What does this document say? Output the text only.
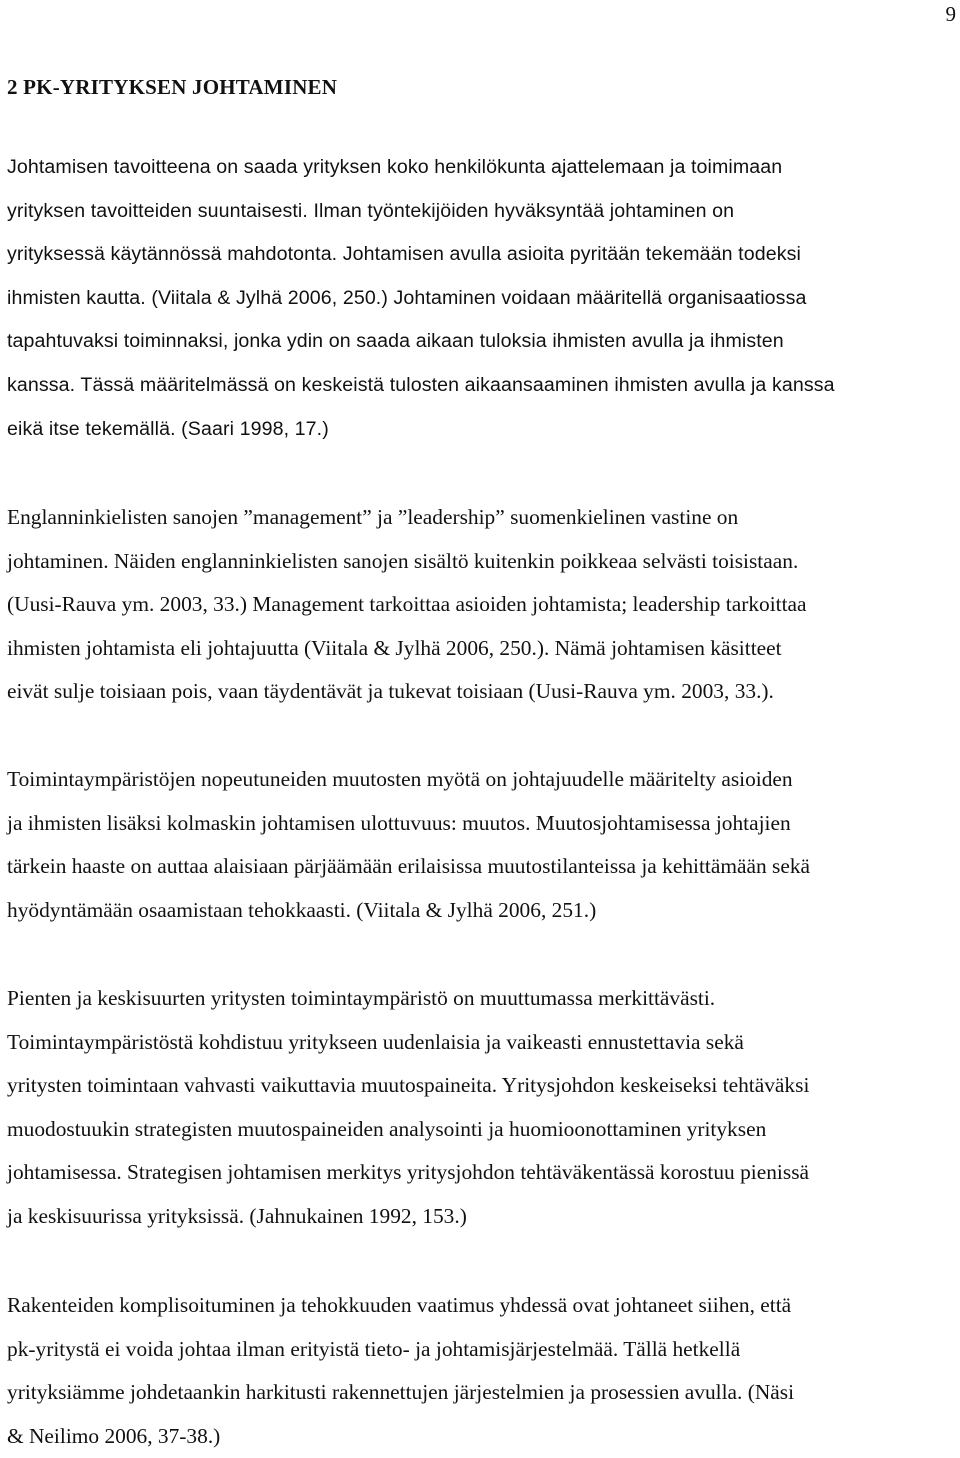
9
2 PK-YRITYKSEN JOHTAMINEN
Johtamisen tavoitteena on saada yrityksen koko henkilökunta ajattelemaan ja toimimaan
yrityksen tavoitteiden suuntaisesti. Ilman työntekijöiden hyväksyntää johtaminen on
yrityksessä käytännössä mahdotonta. Johtamisen avulla asioita pyritään tekemään todeksi
ihmisten kautta. (Viitala & Jylhä 2006, 250.) Johtaminen voidaan määritellä organisaatiossa
tapahtuvaksi toiminnaksi, jonka ydin on saada aikaan tuloksia ihmisten avulla ja ihmisten
kanssa. Tässä määritelmässä on keskeistä tulosten aikaansaaminen ihmisten avulla ja kanssa
eikä itse tekemällä. (Saari 1998, 17.)
Englanninkielisten sanojen ”management” ja ”leadership” suomenkielinen vastine on
johtaminen. Näiden englanninkielisten sanojen sisältö kuitenkin poikkeaa selvästi toisistaan.
(Uusi-Rauva ym. 2003, 33.) Management tarkoittaa asioiden johtamista; leadership tarkoittaa
ihmisten johtamista eli johtajuutta (Viitala & Jylhä 2006, 250.). Nämä johtamisen käsitteet
eivät sulje toisiaan pois, vaan täydentävät ja tukevat toisiaan (Uusi-Rauva ym. 2003, 33.).
Toimintaympäristöjen nopeutuneiden muutosten myötä on johtajuudelle määritelty asioiden
ja ihmisten lisäksi kolmaskin johtamisen ulottuvuus: muutos. Muutosjohtamisessa johtajien
tärkein haaste on auttaa alaisiaan pärjäämään erilaisissa muutostilanteissa ja kehittämään sekä
hyödyntämään osaamistaan tehokkaasti. (Viitala & Jylhä 2006, 251.)
Pienten ja keskisuurten yritysten toimintaympäristö on muuttumassa merkittävästi.
Toimintaympäristöstä kohdistuu yritykseen uudenlaisia ja vaikeasti ennustettavia sekä
yritysten toimintaan vahvasti vaikuttavia muutospaineita. Yritysjohdon keskeiseksi tehtäväksi
muodostuukin strategisten muutospaineiden analysointi ja huomioonottaminen yrityksen
johtamisessa. Strategisen johtamisen merkitys yritysjohdon tehtäväkentässä korostuu pienissä
ja keskisuurissa yrityksissä. (Jahnukainen 1992, 153.)
Rakenteiden komplisoituminen ja tehokkuuden vaatimus yhdessä ovat johtaneet siihen, että
pk-yritystä ei voida johtaa ilman erityistä tieto- ja johtamisjärjestelmää. Tällä hetkellä
yrityksiämme johdetaankin harkitusti rakennettujen järjestelmien ja prosessien avulla. (Näsi
& Neilimo 2006, 37-38.)
